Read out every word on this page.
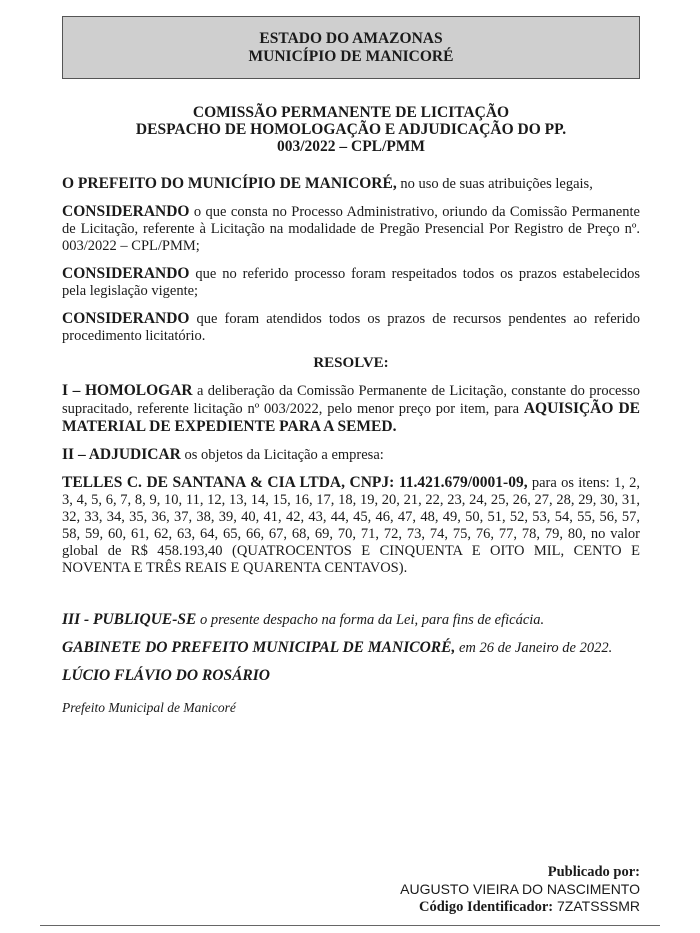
ESTADO DO AMAZONAS
MUNICÍPIO DE MANICORÉ
COMISSÃO PERMANENTE DE LICITAÇÃO
DESPACHO DE HOMOLOGAÇÃO E ADJUDICAÇÃO DO PP.
003/2022 – CPL/PMM

O PREFEITO DO MUNICÍPIO DE MANICORÉ, no uso de suas atribuições legais,

CONSIDERANDO o que consta no Processo Administrativo, oriundo da Comissão Permanente de Licitação, referente à Licitação na modalidade de Pregão Presencial Por Registro de Preço nº. 003/2022 – CPL/PMM;

CONSIDERANDO que no referido processo foram respeitados todos os prazos estabelecidos pela legislação vigente;

CONSIDERANDO que foram atendidos todos os prazos de recursos pendentes ao referido procedimento licitatório.

RESOLVE:

I – HOMOLOGAR a deliberação da Comissão Permanente de Licitação, constante do processo supracitado, referente licitação nº 003/2022, pelo menor preço por item, para AQUISIÇÃO DE MATERIAL DE EXPEDIENTE PARA A SEMED.

II – ADJUDICAR os objetos da Licitação a empresa:

TELLES C. DE SANTANA & CIA LTDA, CNPJ: 11.421.679/0001-09, para os itens: 1, 2, 3, 4, 5, 6, 7, 8, 9, 10, 11, 12, 13, 14, 15, 16, 17, 18, 19, 20, 21, 22, 23, 24, 25, 26, 27, 28, 29, 30, 31, 32, 33, 34, 35, 36, 37, 38, 39, 40, 41, 42, 43, 44, 45, 46, 47, 48, 49, 50, 51, 52, 53, 54, 55, 56, 57, 58, 59, 60, 61, 62, 63, 64, 65, 66, 67, 68, 69, 70, 71, 72, 73, 74, 75, 76, 77, 78, 79, 80, no valor global de R$ 458.193,40 (QUATROCENTOS E CINQUENTA E OITO MIL, CENTO E NOVENTA E TRÊS REAIS E QUARENTA CENTAVOS).

III - PUBLIQUE-SE o presente despacho na forma da Lei, para fins de eficácia.

GABINETE DO PREFEITO MUNICIPAL DE MANICORÉ, em 26 de Janeiro de 2022.

LÚCIO FLÁVIO DO ROSÁRIO

Prefeito Municipal de Manicoré

Publicado por:
AUGUSTO VIEIRA DO NASCIMENTO
Código Identificador: 7ZATSSSMR
